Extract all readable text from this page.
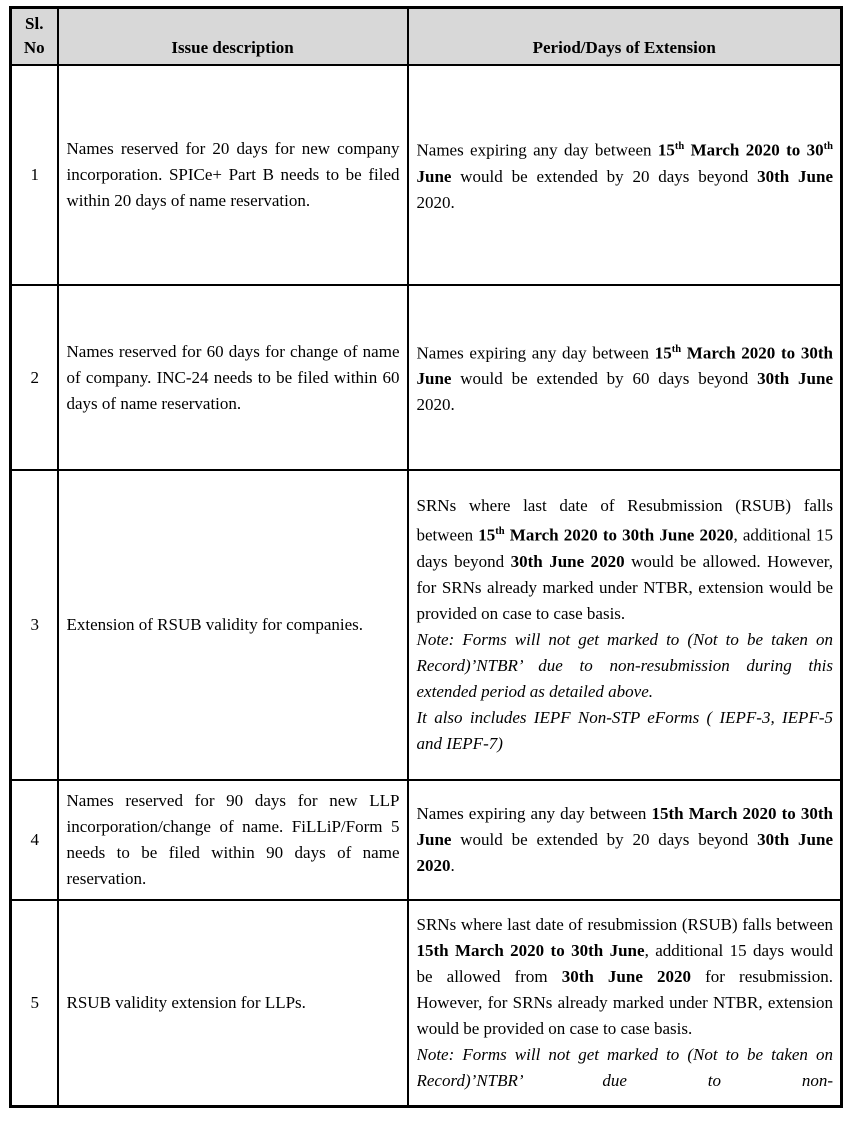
Sl. No	Issue description	Period/Days of Extension
1	Names reserved for 20 days for new company incorporation. SPICe+ Part B needs to be filed within 20 days of name reservation.	Names expiring any day between 15th March 2020 to 30th June would be extended by 20 days beyond 30th June 2020.

2	Names reserved for 60 days for change of name of company. INC-24 needs to be filed within 60 days of name reservation.	Names expiring any day between 15th March 2020 to 30th June would be extended by 60 days beyond 30th June 2020.

3	Extension of RSUB validity for companies.	SRNs where last date of Resubmission (RSUB) falls between 15th March 2020 to 30th June 2020, additional 15 days beyond 30th June 2020 would be allowed. However, for SRNs already marked under NTBR, extension would be provided on case to case basis.
Note: Forms will not get marked to (Not to be taken on Record)’NTBR’ due to non-resubmission during this extended period as detailed above.
It also includes IEPF Non-STP eForms ( IEPF-3, IEPF-5 and IEPF-7)

4	Names reserved for 90 days for new LLP incorporation/change of name. FiLLiP/Form 5 needs to be filed within 90 days of name reservation.	Names expiring any day between 15th March 2020 to 30th June would be extended by 20 days beyond 30th June 2020.

5	RSUB validity extension for LLPs.	SRNs where last date of resubmission (RSUB) falls between 15th March 2020 to 30th June, additional 15 days would be allowed from 30th June 2020 for resubmission. However, for SRNs already marked under NTBR, extension would be provided on case to case basis.
Note: Forms will not get marked to (Not to be taken on Record)’NTBR’ due to non-
